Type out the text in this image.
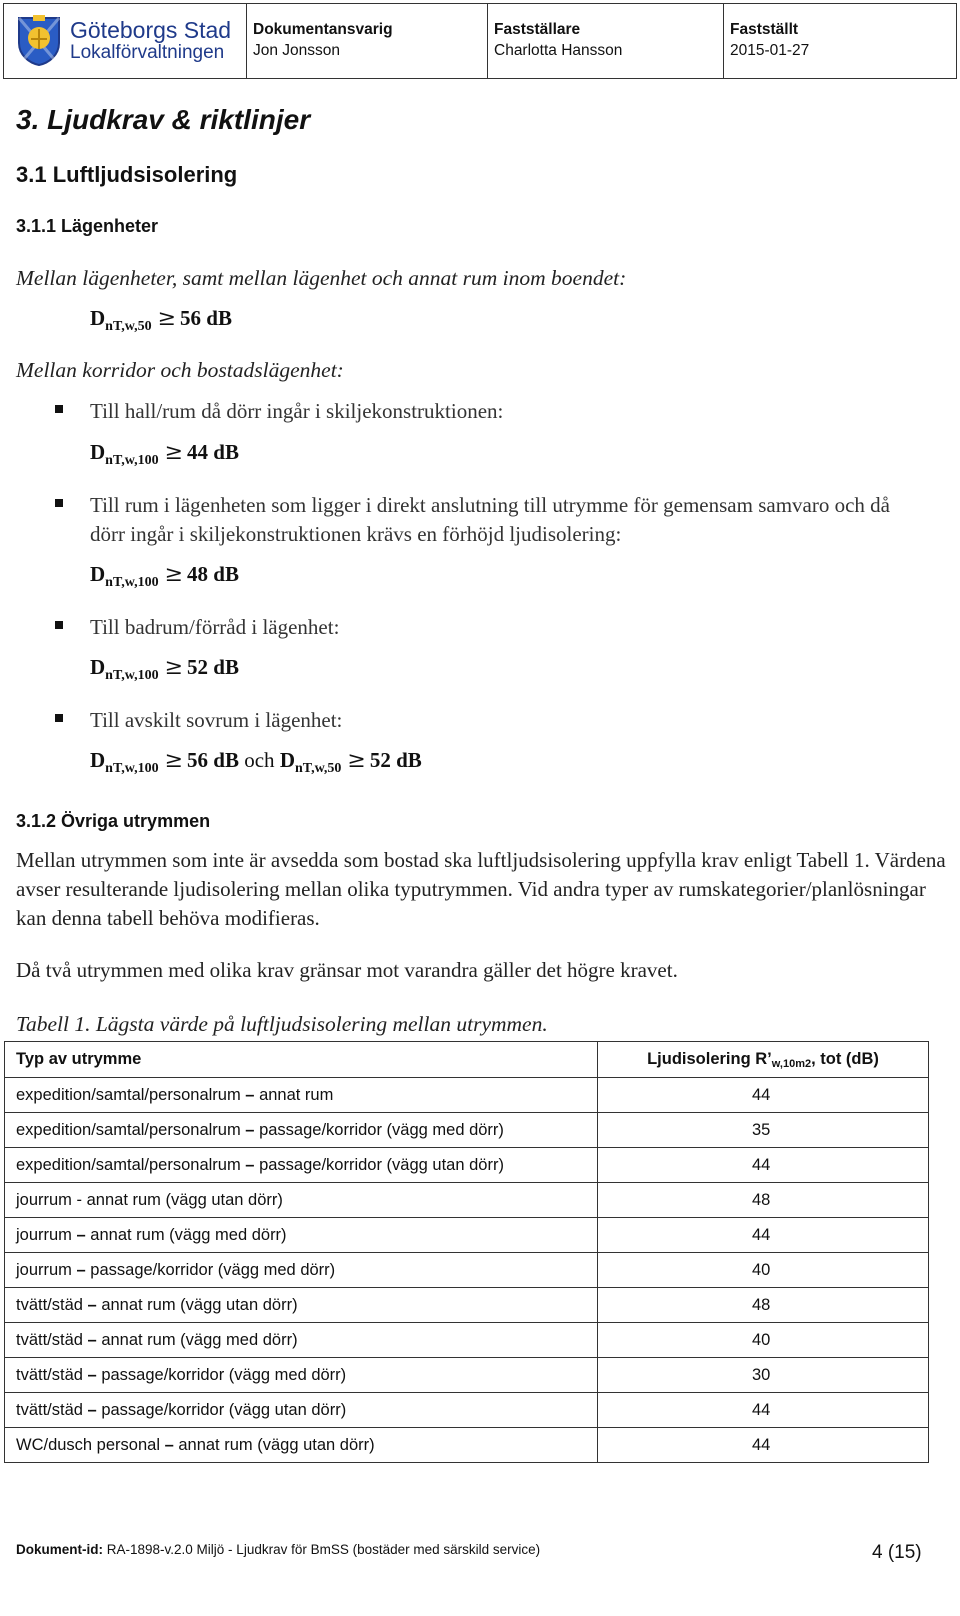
Göteborgs Stad
Lokalförvaltningen
Dokumentansvarig
Jon Jonsson
Fastställare
Charlotta Hansson
Fastställt
2015-01-27
3. Ljudkrav & riktlinjer
3.1 Luftljudsisolering
3.1.1 Lägenheter
Mellan lägenheter, samt mellan lägenhet och annat rum inom boendet:
$D_{nT,w,50} \ge 56$ dB
Mellan korridor och bostadslägenhet:
Till hall/rum då dörr ingår i skiljekonstruktionen:
$D_{nT,w,100} \ge 44$ dB
Till rum i lägenheten som ligger i direkt anslutning till utrymme för gemensam samvaro och då dörr ingår i skiljekonstruktionen krävs en förhöjd ljudisolering:
$D_{nT,w,100} \ge 48$ dB
Till badrum/förråd i lägenhet:
$D_{nT,w,100} \ge 52$ dB
Till avskilt sovrum i lägenhet:
$D_{nT,w,100} \ge 56$ dB och $D_{nT,w,50} \ge 52$ dB
3.1.2 Övriga utrymmen
Mellan utrymmen som inte är avsedda som bostad ska luftljudsisolering uppfylla krav enligt Tabell 1. Värdena avser resulterande ljudisolering mellan olika typutrymmen. Vid andra typer av rumskategorier/planlösningar kan denna tabell behöva modifieras.
Då två utrymmen med olika krav gränsar mot varandra gäller det högre kravet.
Tabell 1. Lägsta värde på luftljudsisolering mellan utrymmen.
Typ av utrymme	Ljudisolering R’w,10m2, tot (dB)
expedition/samtal/personalrum – annat rum	44
expedition/samtal/personalrum – passage/korridor (vägg med dörr)	35
expedition/samtal/personalrum – passage/korridor (vägg utan dörr)	44
jourrum - annat rum (vägg utan dörr)	48
jourrum – annat rum (vägg med dörr)	44
jourrum – passage/korridor (vägg med dörr)	40
tvätt/städ – annat rum (vägg utan dörr)	48
tvätt/städ – annat rum (vägg med dörr)	40
tvätt/städ – passage/korridor (vägg med dörr)	30
tvätt/städ – passage/korridor (vägg utan dörr)	44
WC/dusch personal – annat rum (vägg utan dörr)	44
Dokument-id: RA-1898-v.2.0 Miljö - Ljudkrav för BmSS (bostäder med särskild service)	4 (15)
